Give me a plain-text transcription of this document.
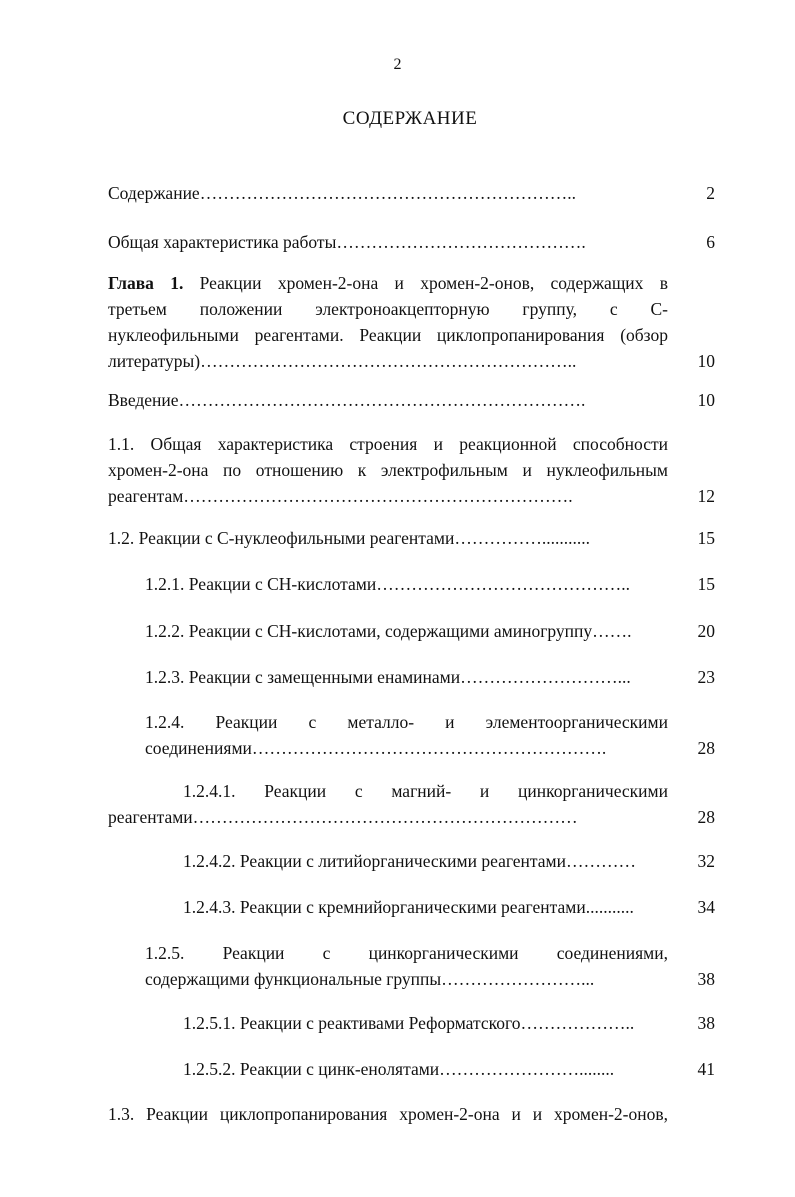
2
СОДЕРЖАНИЕ
Содержание………………………………………………………..	2
Общая характеристика работы…………………………………….	6
Глава 1. Реакции хромен-2-она и хромен-2-онов, содержащих в
третьем положении электроноакцепторную группу, с С-
нуклеофильными реагентами. Реакции циклопропанирования (обзор
литературы)………………………………………………………..	10
Введение…………………………………………………………….	10
1.1. Общая характеристика строения и реакционной способности
хромен-2-она по отношению к электрофильным и нуклеофильным
реагентам………………………………………………………….	12
1.2. Реакции с С-нуклеофильными реагентами……………...........	15
1.2.1. Реакции с СН-кислотами……………………………………..	15
1.2.2. Реакции с СН-кислотами, содержащими аминогруппу…….	20
1.2.3. Реакции с замещенными енаминами………………………...	23
1.2.4. Реакции с металло- и элементоорганическими
соединениями…………………………………………………….	28
1.2.4.1. Реакции с магний- и цинкорганическими
реагентами…………………………………………………………	28
1.2.4.2. Реакции с литийорганическими реагентами…………	32
1.2.4.3. Реакции с кремнийорганическими реагентами...........	34
1.2.5. Реакции с цинкорганическими соединениями,
содержащими функциональные группы……………………...	38
1.2.5.1. Реакции с реактивами Реформатского………………..	38
1.2.5.2. Реакции с цинк-енолятами……………………........	41
1.3. Реакции циклопропанирования хромен-2-она и и хромен-2-онов,
